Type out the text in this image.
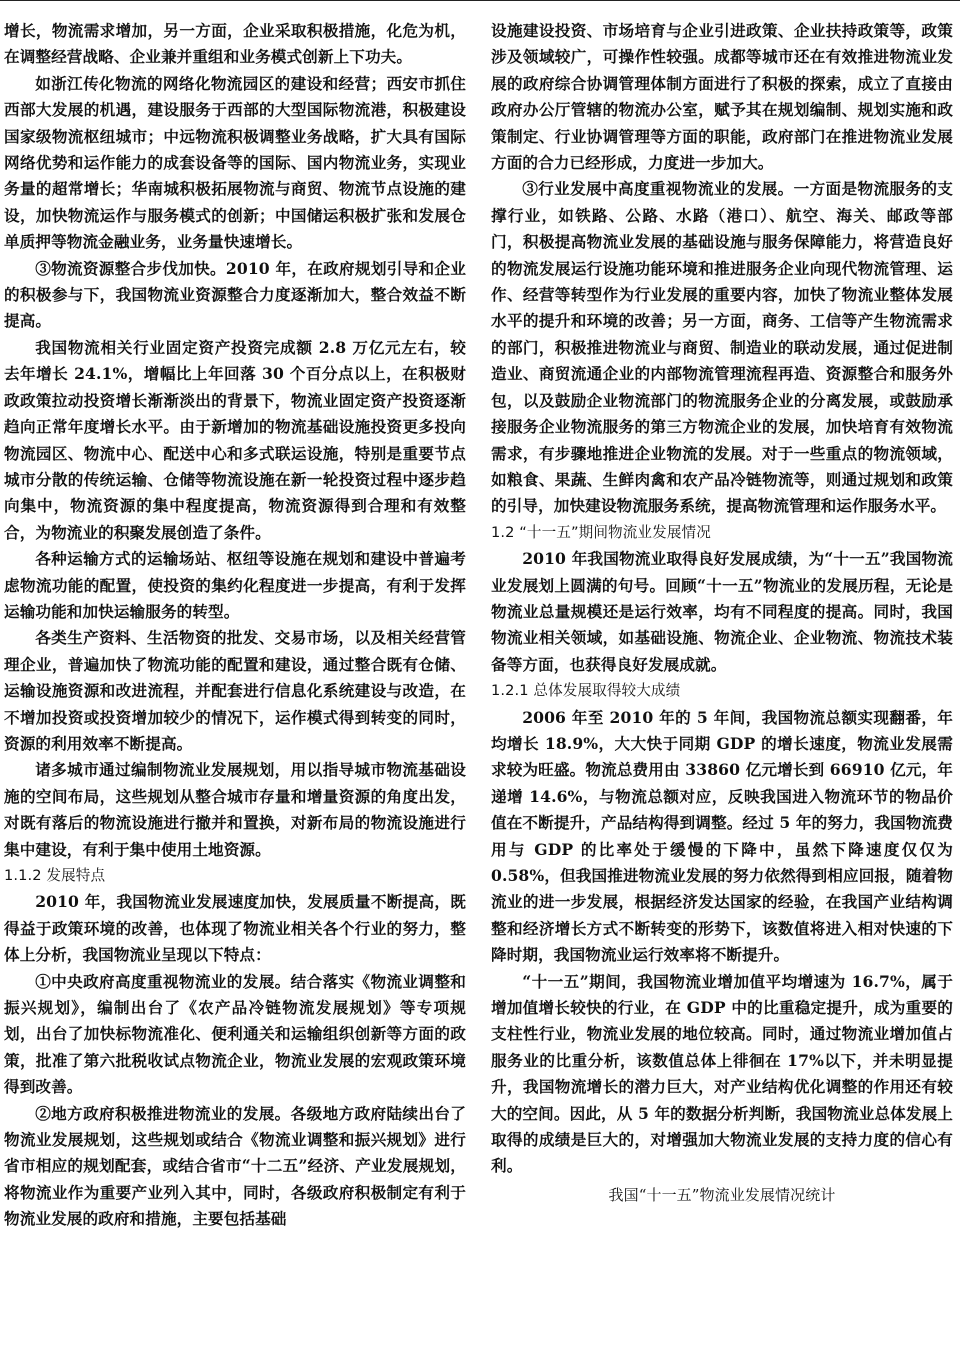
增长，物流需求增加，另一方面，企业采取积极措施，化危为机，在调整经营战略、企业兼并重组和业务模式创新上下功夫。

如浙江传化物流的网络化物流园区的建设和经营；西安市抓住西部大发展的机遇，建设服务于西部的大型国际物流港，积极建设国家级物流枢纽城市；中远物流积极调整业务战略，扩大具有国际网络优势和运作能力的成套设备等的国际、国内物流业务，实现业务量的超常增长；华南城积极拓展物流与商贸、物流节点设施的建设，加快物流运作与服务模式的创新；中国储运积极扩张和发展仓单质押等物流金融业务，业务量快速增长。

③物流资源整合步伐加快。2010 年，在政府规划引导和企业的积极参与下，我国物流业资源整合力度逐渐加大，整合效益不断提高。

我国物流相关行业固定资产投资完成额 2.8 万亿元左右，较去年增长 24.1%，增幅比上年回落 30 个百分点以上，在积极财政政策拉动投资增长渐渐淡出的背景下，物流业固定资产投资逐渐趋向正常年度增长水平。由于新增加的物流基础设施投资更多投向物流园区、物流中心、配送中心和多式联运设施，特别是重要节点城市分散的传统运输、仓储等物流设施在新一轮投资过程中逐步趋向集中，物流资源的集中程度提高，物流资源得到合理和有效整合，为物流业的积聚发展创造了条件。

各种运输方式的运输场站、枢纽等设施在规划和建设中普遍考虑物流功能的配置，使投资的集约化程度进一步提高，有利于发挥运输功能和加快运输服务的转型。

各类生产资料、生活物资的批发、交易市场，以及相关经营管理企业，普遍加快了物流功能的配置和建设，通过整合既有仓储、运输设施资源和改进流程，并配套进行信息化系统建设与改造，在不增加投资或投资增加较少的情况下，运作模式得到转变的同时，资源的利用效率不断提高。

诸多城市通过编制物流业发展规划，用以指导城市物流基础设施的空间布局，这些规划从整合城市存量和增量资源的角度出发，对既有落后的物流设施进行撤并和置换，对新布局的物流设施进行集中建设，有利于集中使用土地资源。

1.1.2 发展特点

2010 年，我国物流业发展速度加快，发展质量不断提高，既得益于政策环境的改善，也体现了物流业相关各个行业的努力，整体上分析，我国物流业呈现以下特点：

①中央政府高度重视物流业的发展。结合落实《物流业调整和振兴规划》，编制出台了《农产品冷链物流发展规划》等专项规划，出台了加快标物流准化、便利通关和运输组织创新等方面的政策，批准了第六批税收试点物流企业，物流业发展的宏观政策环境得到改善。

②地方政府积极推进物流业的发展。各级地方政府陆续出台了物流业发展规划，这些规划或结合《物流业调整和振兴规划》进行省市相应的规划配套，或结合省市“十二五”经济、产业发展规划，将物流业作为重要产业列入其中，同时，各级政府积极制定有利于物流业发展的政府和措施，主要包括基础

设施建设投资、市场培育与企业引进政策、企业扶持政策等，政策涉及领域较广，可操作性较强。成都等城市还在有效推进物流业发展的政府综合协调管理体制方面进行了积极的探索，成立了直接由政府办公厅管辖的物流办公室，赋予其在规划编制、规划实施和政策制定、行业协调管理等方面的职能，政府部门在推进物流业发展方面的合力已经形成，力度进一步加大。

③行业发展中高度重视物流业的发展。一方面是物流服务的支撑行业，如铁路、公路、水路（港口）、航空、海关、邮政等部门，积极提高物流业发展的基础设施与服务保障能力，将营造良好的物流发展运行设施功能环境和推进服务企业向现代物流管理、运作、经营等转型作为行业发展的重要内容，加快了物流业整体发展水平的提升和环境的改善；另一方面，商务、工信等产生物流需求的部门，积极推进物流业与商贸、制造业的联动发展，通过促进制造业、商贸流通企业的内部物流管理流程再造、资源整合和服务外包，以及鼓励企业物流部门的物流服务企业的分离发展，或鼓励承接服务企业物流服务的第三方物流企业的发展，加快培育有效物流需求，有步骤地推进企业物流的发展。对于一些重点的物流领域，如粮食、果蔬、生鲜肉禽和农产品冷链物流等，则通过规划和政策的引导，加快建设物流服务系统，提高物流管理和运作服务水平。

1.2 “十一五”期间物流业发展情况

2010 年我国物流业取得良好发展成绩，为“十一五”我国物流业发展划上圆满的句号。回顾“十一五”物流业的发展历程，无论是物流业总量规模还是运行效率，均有不同程度的提高。同时，我国物流业相关领域，如基础设施、物流企业、企业物流、物流技术装备等方面，也获得良好发展成就。

1.2.1 总体发展取得较大成绩

2006 年至 2010 年的 5 年间，我国物流总额实现翻番，年均增长 18.9%，大大快于同期 GDP 的增长速度，物流业发展需求较为旺盛。物流总费用由 33860 亿元增长到 66910 亿元，年递增 14.6%，与物流总额对应，反映我国进入物流环节的物品价值在不断提升，产品结构得到调整。经过 5 年的努力，我国物流费用与 GDP 的比率处于缓慢的下降中，虽然下降速度仅仅为 0.58%，但我国推进物流业发展的努力依然得到相应回报，随着物流业的进一步发展，根据经济发达国家的经验，在我国产业结构调整和经济增长方式不断转变的形势下，该数值将进入相对快速的下降时期，我国物流业运行效率将不断提升。

“十一五”期间，我国物流业增加值平均增速为 16.7%，属于增加值增长较快的行业，在 GDP 中的比重稳定提升，成为重要的支柱性行业，物流业发展的地位较高。同时，通过物流业增加值占服务业的比重分析，该数值总体上徘徊在 17%以下，并未明显提升，我国物流增长的潜力巨大，对产业结构优化调整的作用还有较大的空间。因此，从 5 年的数据分析判断，我国物流业总体发展上取得的成绩是巨大的，对增强加大物流业发展的支持力度的信心有利。

我国“十一五”物流业发展情况统计
